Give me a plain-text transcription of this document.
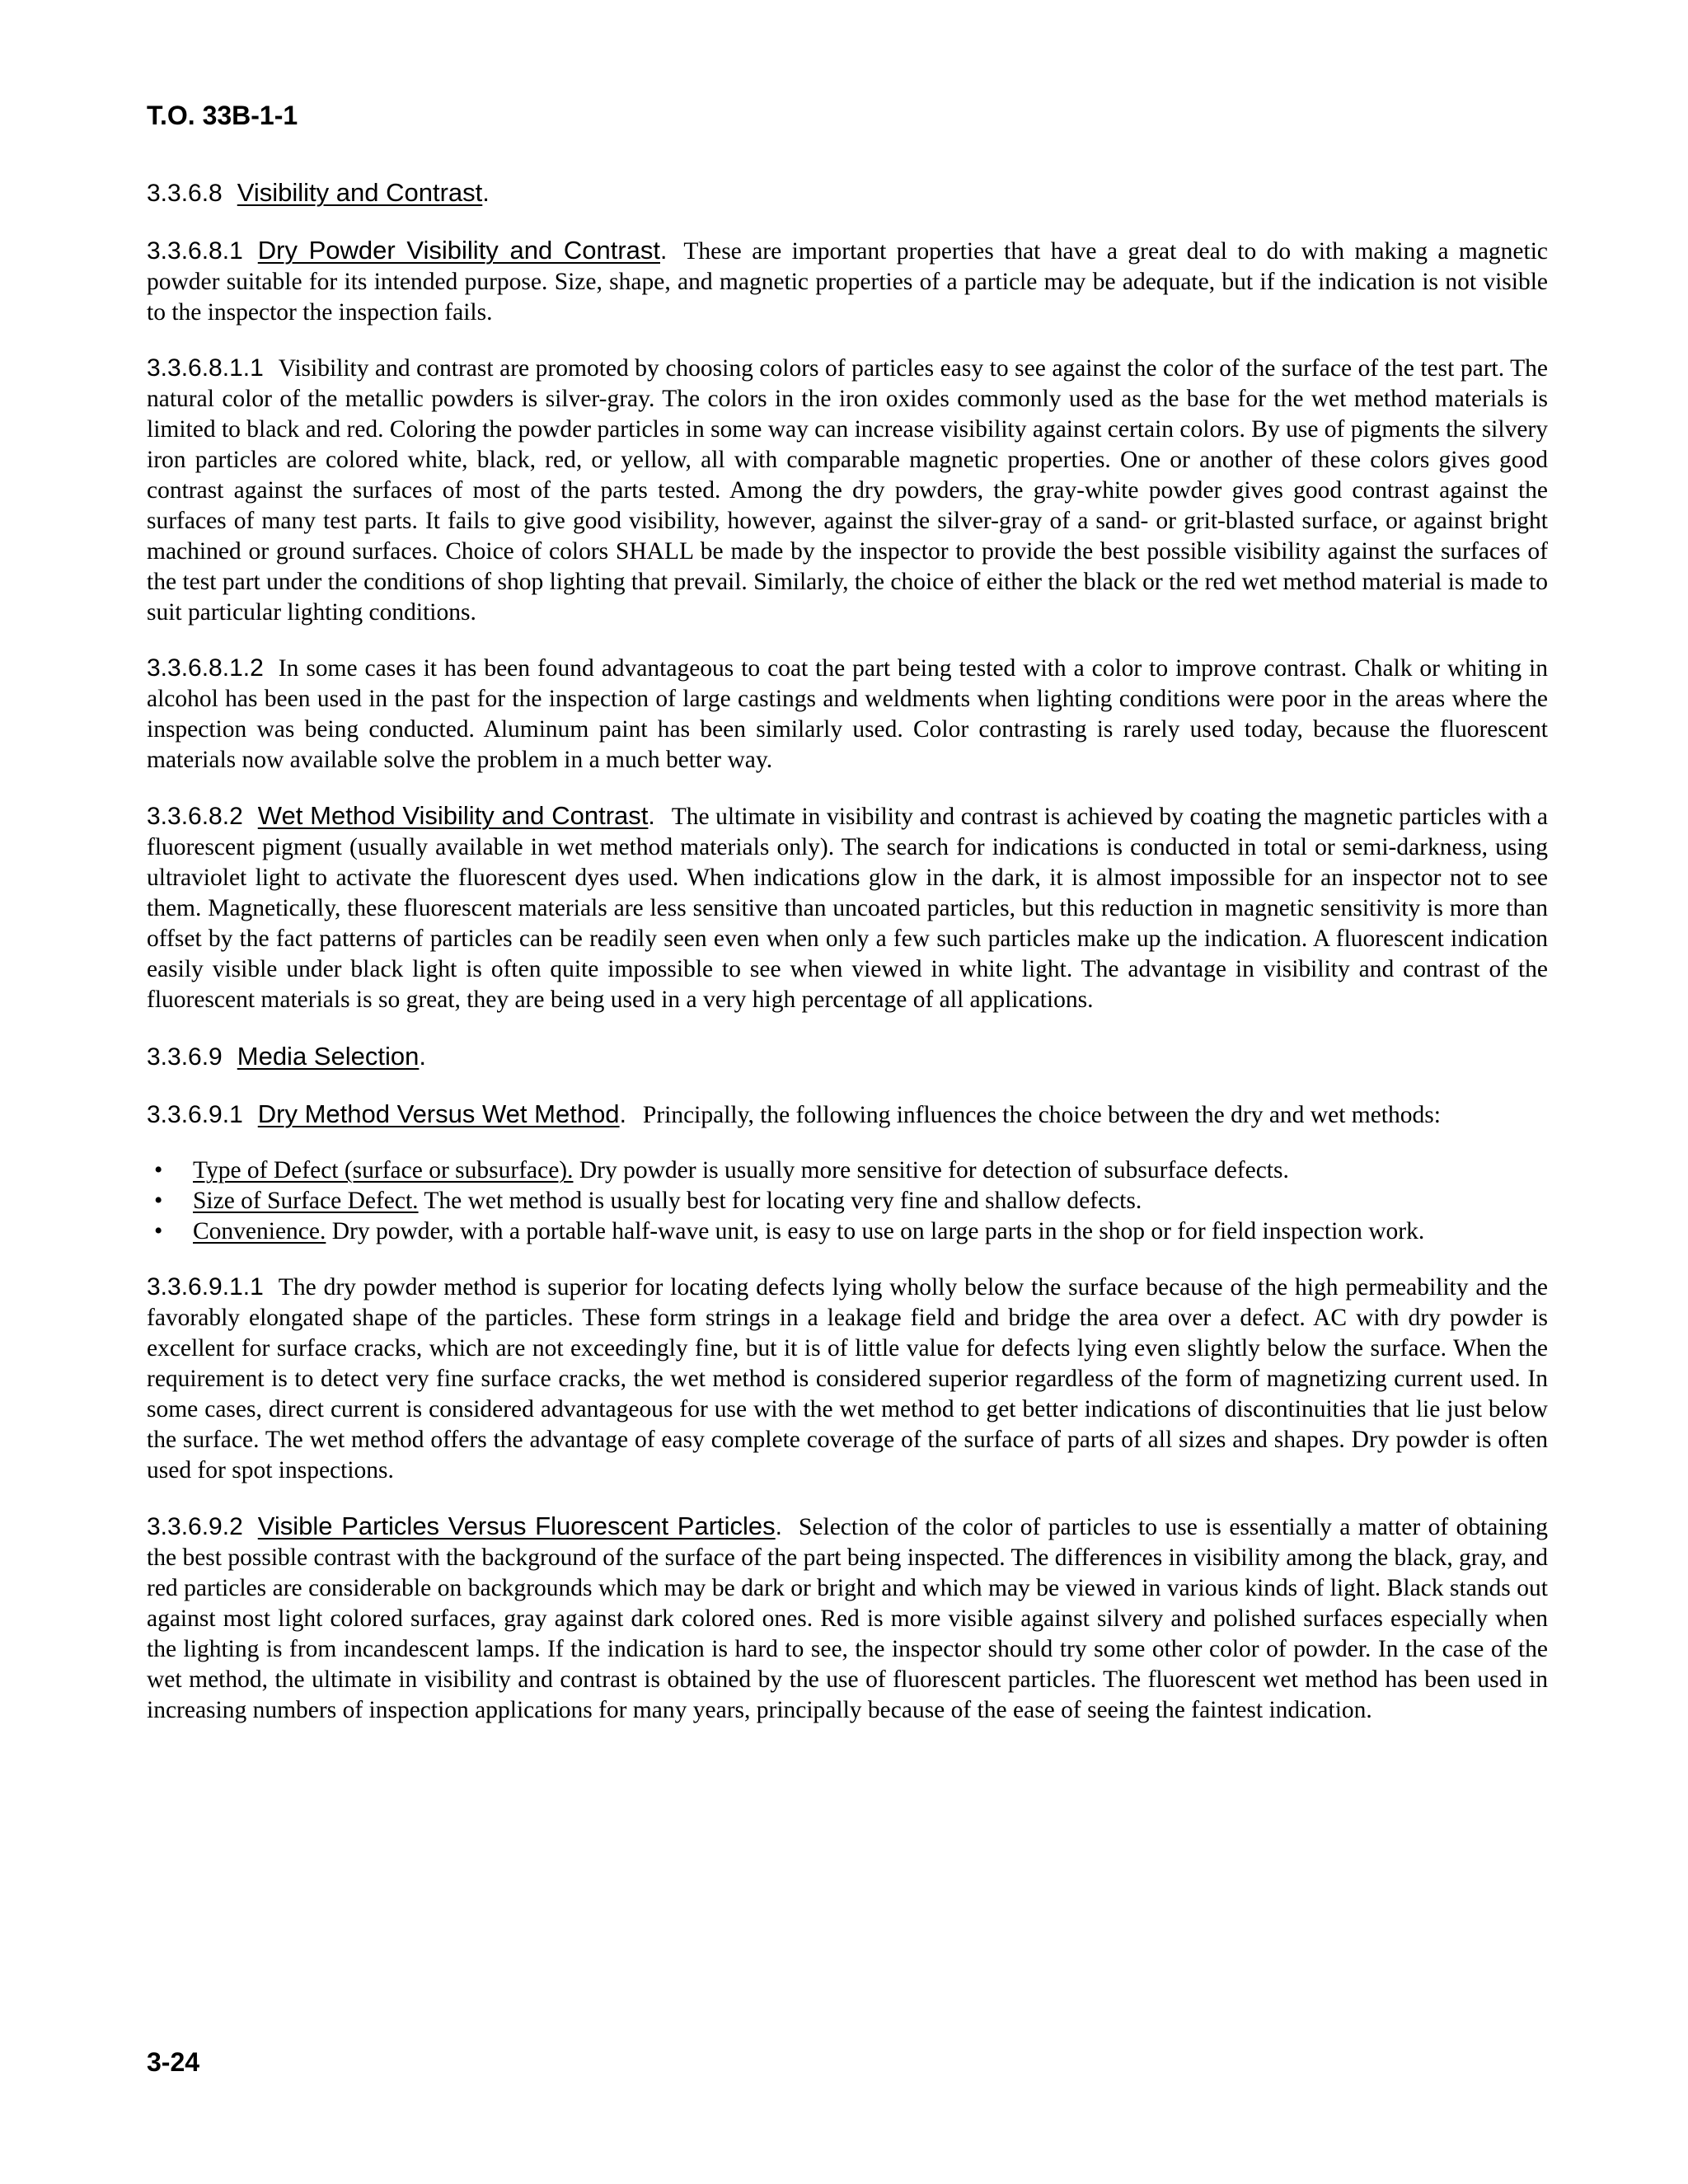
T.O. 33B-1-1
3.3.6.8 Visibility and Contrast.

3.3.6.8.1 Dry Powder Visibility and Contrast. These are important properties that have a great deal to do with making a magnetic powder suitable for its intended purpose. Size, shape, and magnetic properties of a particle may be adequate, but if the indication is not visible to the inspector the inspection fails.

3.3.6.8.1.1 Visibility and contrast are promoted by choosing colors of particles easy to see against the color of the surface of the test part. The natural color of the metallic powders is silver-gray. The colors in the iron oxides commonly used as the base for the wet method materials is limited to black and red. Coloring the powder particles in some way can increase visibility against certain colors. By use of pigments the silvery iron particles are colored white, black, red, or yellow, all with comparable magnetic properties. One or another of these colors gives good contrast against the surfaces of most of the parts tested. Among the dry powders, the gray-white powder gives good contrast against the surfaces of many test parts. It fails to give good visibility, however, against the silver-gray of a sand- or grit-blasted surface, or against bright machined or ground surfaces. Choice of colors SHALL be made by the inspector to provide the best possible visibility against the surfaces of the test part under the conditions of shop lighting that prevail. Similarly, the choice of either the black or the red wet method material is made to suit particular lighting conditions.

3.3.6.8.1.2 In some cases it has been found advantageous to coat the part being tested with a color to improve contrast. Chalk or whiting in alcohol has been used in the past for the inspection of large castings and weldments when lighting conditions were poor in the areas where the inspection was being conducted. Aluminum paint has been similarly used. Color contrasting is rarely used today, because the fluorescent materials now available solve the problem in a much better way.

3.3.6.8.2 Wet Method Visibility and Contrast. The ultimate in visibility and contrast is achieved by coating the magnetic particles with a fluorescent pigment (usually available in wet method materials only). The search for indications is conducted in total or semi-darkness, using ultraviolet light to activate the fluorescent dyes used. When indications glow in the dark, it is almost impossible for an inspector not to see them. Magnetically, these fluorescent materials are less sensitive than uncoated particles, but this reduction in magnetic sensitivity is more than offset by the fact patterns of particles can be readily seen even when only a few such particles make up the indication. A fluorescent indication easily visible under black light is often quite impossible to see when viewed in white light. The advantage in visibility and contrast of the fluorescent materials is so great, they are being used in a very high percentage of all applications.

3.3.6.9 Media Selection.

3.3.6.9.1 Dry Method Versus Wet Method. Principally, the following influences the choice between the dry and wet methods:

• Type of Defect (surface or subsurface). Dry powder is usually more sensitive for detection of subsurface defects.
• Size of Surface Defect. The wet method is usually best for locating very fine and shallow defects.
• Convenience. Dry powder, with a portable half-wave unit, is easy to use on large parts in the shop or for field inspection work.

3.3.6.9.1.1 The dry powder method is superior for locating defects lying wholly below the surface because of the high permeability and the favorably elongated shape of the particles. These form strings in a leakage field and bridge the area over a defect. AC with dry powder is excellent for surface cracks, which are not exceedingly fine, but it is of little value for defects lying even slightly below the surface. When the requirement is to detect very fine surface cracks, the wet method is considered superior regardless of the form of magnetizing current used. In some cases, direct current is considered advantageous for use with the wet method to get better indications of discontinuities that lie just below the surface. The wet method offers the advantage of easy complete coverage of the surface of parts of all sizes and shapes. Dry powder is often used for spot inspections.

3.3.6.9.2 Visible Particles Versus Fluorescent Particles. Selection of the color of particles to use is essentially a matter of obtaining the best possible contrast with the background of the surface of the part being inspected. The differences in visibility among the black, gray, and red particles are considerable on backgrounds which may be dark or bright and which may be viewed in various kinds of light. Black stands out against most light colored surfaces, gray against dark colored ones. Red is more visible against silvery and polished surfaces especially when the lighting is from incandescent lamps. If the indication is hard to see, the inspector should try some other color of powder. In the case of the wet method, the ultimate in visibility and contrast is obtained by the use of fluorescent particles. The fluorescent wet method has been used in increasing numbers of inspection applications for many years, principally because of the ease of seeing the faintest indication.

3-24
